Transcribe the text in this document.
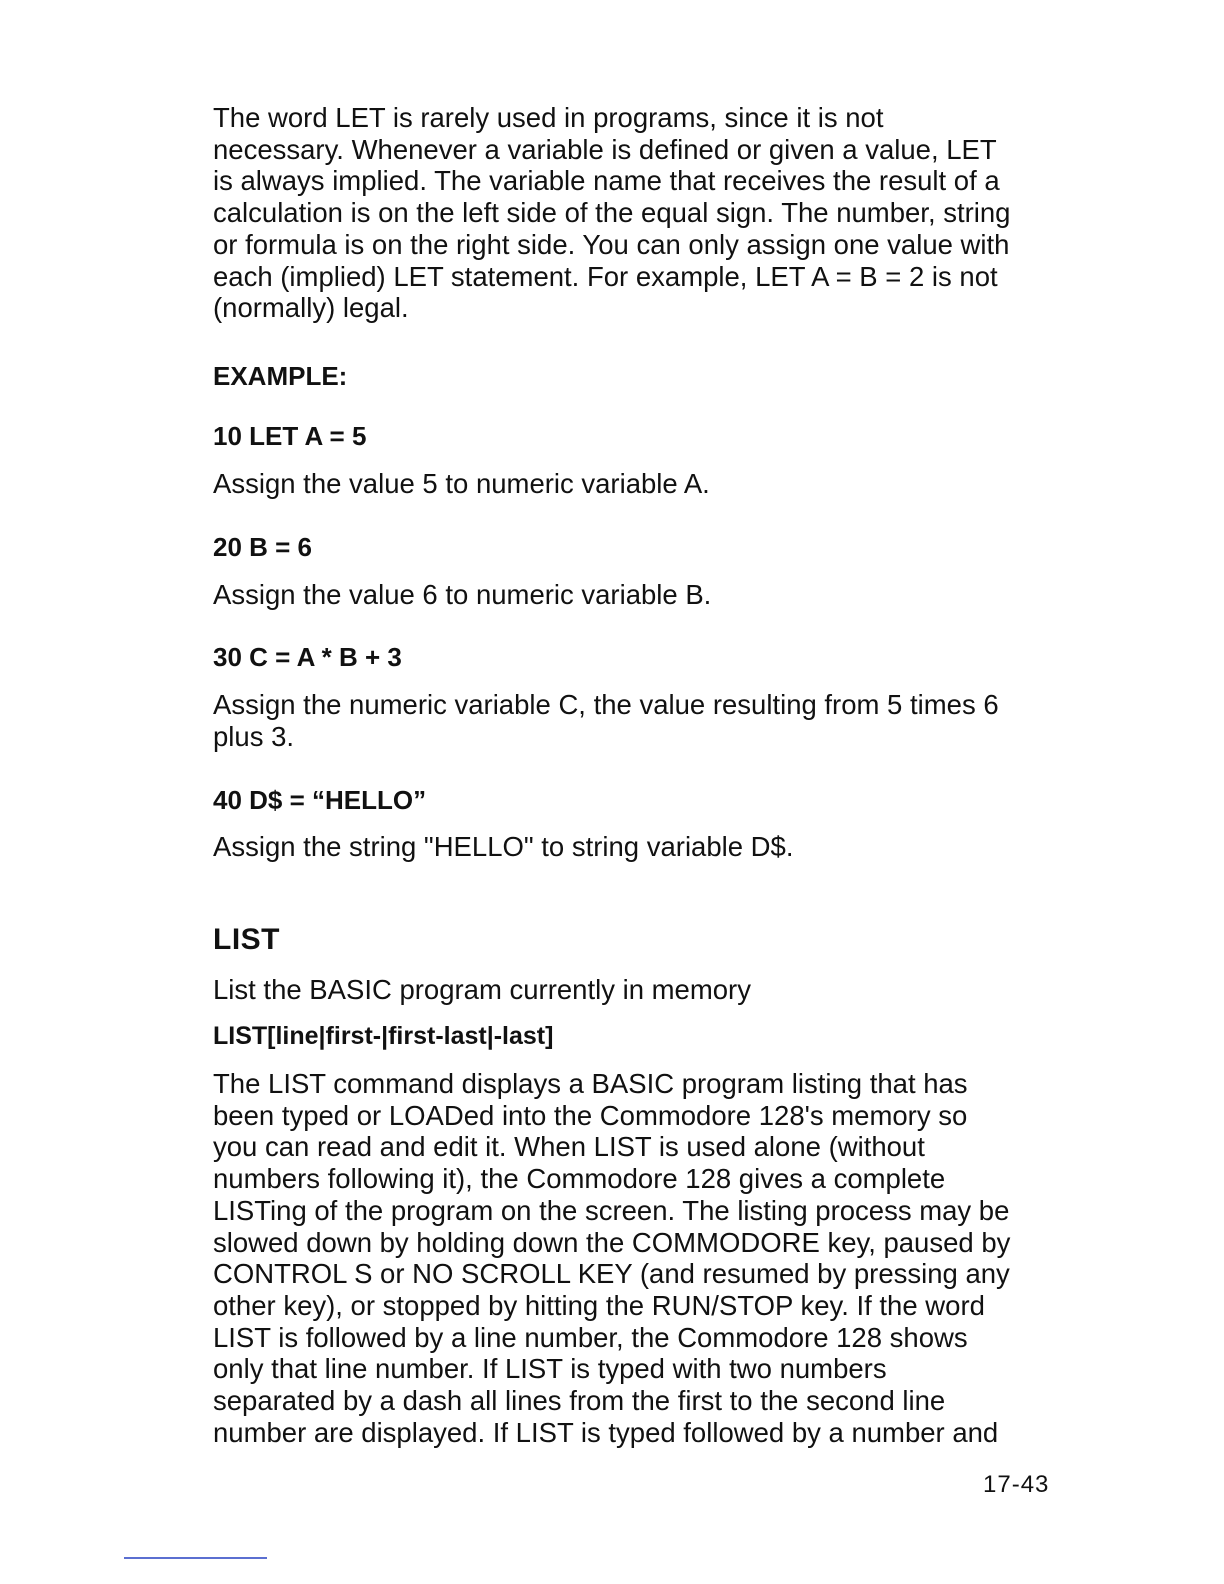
The word LET is rarely used in programs, since it is not
necessary. Whenever a variable is defined or given a value, LET
is always implied. The variable name that receives the result of a
calculation is on the left side of the equal sign. The number, string
or formula is on the right side. You can only assign one value with
each (implied) LET statement. For example, LET A = B = 2 is not
(normally) legal.

EXAMPLE:

10 LET A = 5

Assign the value 5 to numeric variable A.

20 B = 6

Assign the value 6 to numeric variable B.

30 C = A * B + 3

Assign the numeric variable C, the value resulting from 5 times 6
plus 3.

40 D$ = “HELLO”

Assign the string "HELLO" to string variable D$.

LIST

List the BASIC program currently in memory

LIST[line|first-|first-last|-last]

The LIST command displays a BASIC program listing that has
been typed or LOADed into the Commodore 128's memory so
you can read and edit it. When LIST is used alone (without
numbers following it), the Commodore 128 gives a complete
LISTing of the program on the screen. The listing process may be
slowed down by holding down the COMMODORE key, paused by
CONTROL S or NO SCROLL KEY (and resumed by pressing any
other key), or stopped by hitting the RUN/STOP key. If the word
LIST is followed by a line number, the Commodore 128 shows
only that line number. If LIST is typed with two numbers
separated by a dash all lines from the first to the second line
number are displayed. If LIST is typed followed by a number and

17-43
